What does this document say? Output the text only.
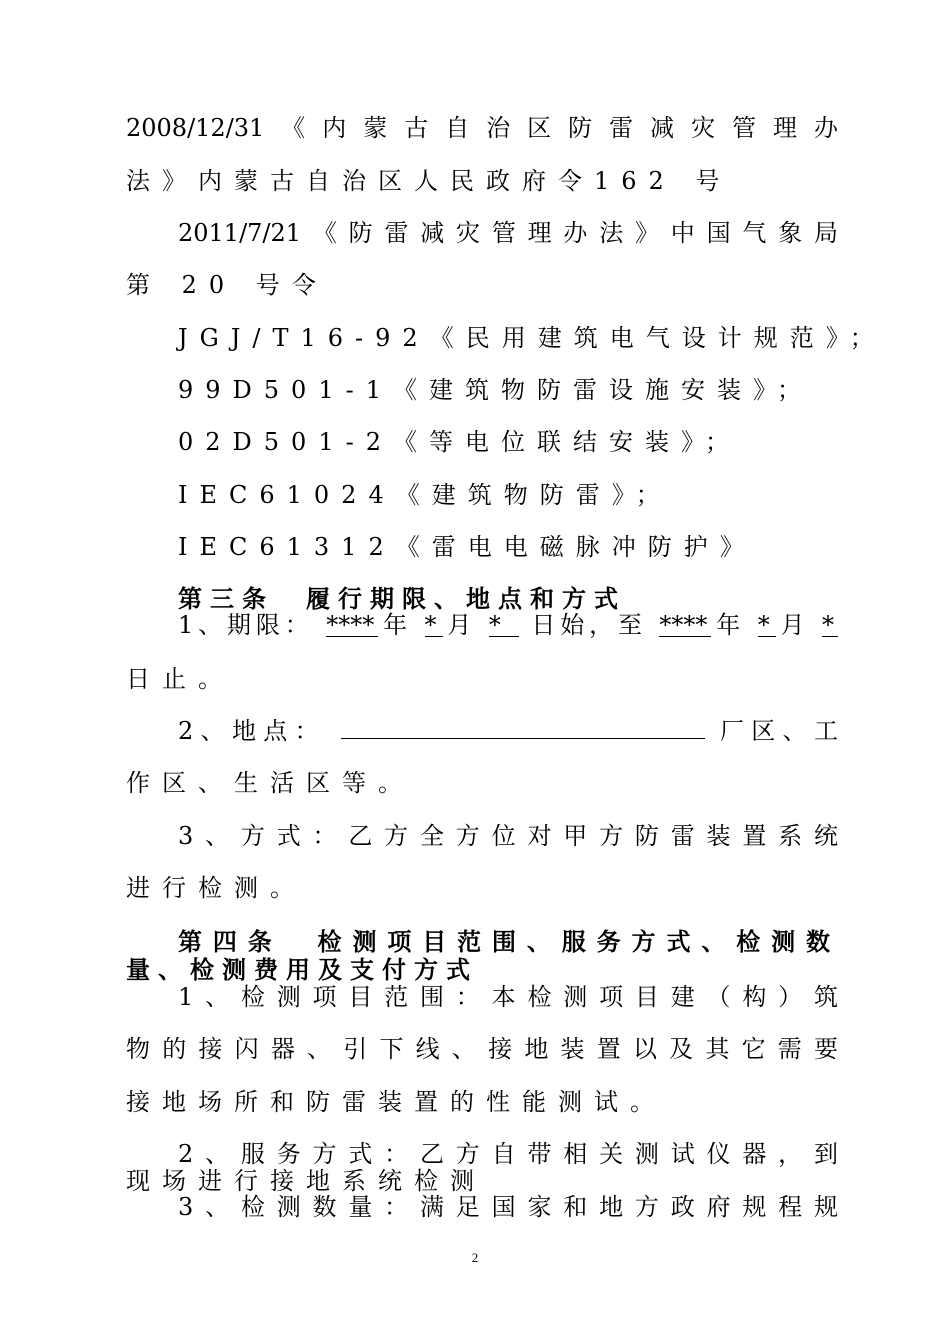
2008/12/31《内蒙古自治区防雷减灾管理办
法》内蒙古自治区人民政府令162 号
2011/7/21《防雷减灾管理办法》中国气象局
第 20 号令
JGJ/T16-92《民用建筑电气设计规范》；
99D501-1《建筑物防雷设施安装》；
02D501-2《等电位联结安装》；
IEC61024《建筑物防雷》；
IEC61312《雷电电磁脉冲防护》
第三条　履行期限、地点和方式
1、期限： **** 年 * 月 * 日始，至 **** 年 * 月 *
日止。
2、地点：	厂区、工
作区、生活区等。
3、方式：乙方全方位对甲方防雷装置系统
进行检测。
第四条　检测项目范围、服务方式、检测数
量、检测费用及支付方式
1、检测项目范围：本检测项目建（构）筑
物的接闪器、引下线、接地装置以及其它需要
接地场所和防雷装置的性能测试。
2、服务方式：乙方自带相关测试仪器，到
现场进行接地系统检测
3、检测数量：满足国家和地方政府规程规
2
